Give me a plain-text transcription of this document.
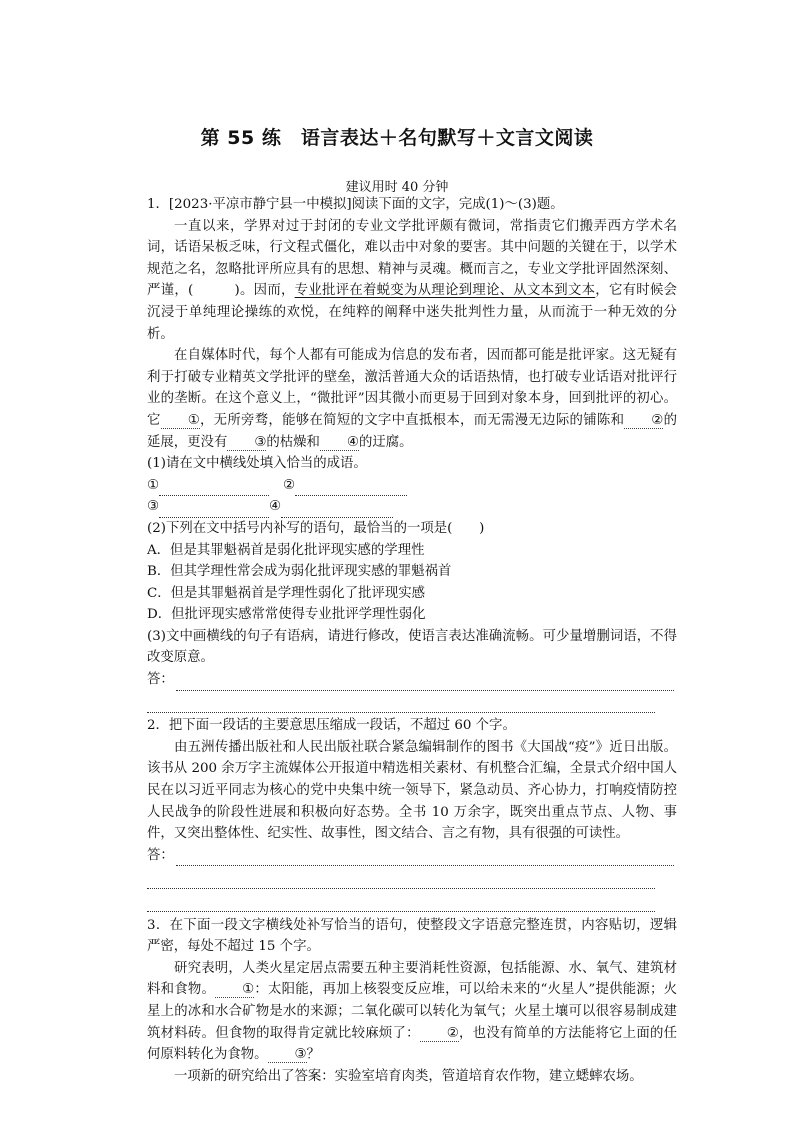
第 55 练　语言表达＋名句默写＋文言文阅读
建议用时 40 分钟

1．[2023·平凉市静宁县一中模拟]阅读下面的文字，完成(1)～(3)题。

一直以来，学界对过于封闭的专业文学批评颇有微词，常指责它们搬弄西方学术名词，话语呆板乏味，行文程式僵化，难以击中对象的要害。其中问题的关键在于，以学术规范之名，忽略批评所应具有的思想、精神与灵魂。概而言之，专业文学批评固然深刻、严谨，(　　　)。因而，专业批评在着蜕变为从理论到理论、从文本到文本，它有时候会沉浸于单纯理论操练的欢悦，在纯粹的阐释中迷失批判性力量，从而流于一种无效的分析。

在自媒体时代，每个人都有可能成为信息的发布者，因而都可能是批评家。这无疑有利于打破专业精英文学批评的壁垒，激活普通大众的话语热情，也打破专业话语对批评行业的垄断。在这个意义上，“微批评”因其微小而更易于回到对象本身，回到批评的初心。它 ①，无所旁骛，能够在简短的文字中直抵根本，而无需漫无边际的铺陈和 ②的延展，更没有 ③的枯燥和 ④的迂腐。

(1)请在文中横线处填入恰当的成语。

①	②
③	④

(2)下列在文中括号内补写的语句，最恰当的一项是(　　)

A．但是其罪魁祸首是弱化批评现实感的学理性

B．但其学理性常会成为弱化批评现实感的罪魁祸首

C．但是其罪魁祸首是学理性弱化了批评现实感

D．但批评现实感常常使得专业批评学理性弱化

(3)文中画横线的句子有语病，请进行修改，使语言表达准确流畅。可少量增删词语，不得改变原意。

答：

2．把下面一段话的主要意思压缩成一段话，不超过 60 个字。

由五洲传播出版社和人民出版社联合紧急编辑制作的图书《大国战“疫”》近日出版。该书从 200 余万字主流媒体公开报道中精选相关素材、有机整合汇编，全景式介绍中国人民在以习近平同志为核心的党中央集中统一领导下，紧急动员、齐心协力，打响疫情防控人民战争的阶段性进展和积极向好态势。全书 10 万余字，既突出重点节点、人物、事件，又突出整体性、纪实性、故事性，图文结合、言之有物，具有很强的可读性。

答：

3．在下面一段文字横线处补写恰当的语句，使整段文字语意完整连贯，内容贴切，逻辑严密，每处不超过 15 个字。

研究表明，人类火星定居点需要五种主要消耗性资源，包括能源、水、氧气、建筑材料和食物。 ①：太阳能，再加上核裂变反应堆，可以给未来的“火星人”提供能源；火星上的冰和水合矿物是水的来源；二氧化碳可以转化为氧气；火星土壤可以很容易制成建筑材料砖。但食物的取得肯定就比较麻烦了： ②，也没有简单的方法能将它上面的任何原料转化为食物。 ③？

一项新的研究给出了答案：实验室培育肉类，管道培育农作物，建立蟋蟀农场。
